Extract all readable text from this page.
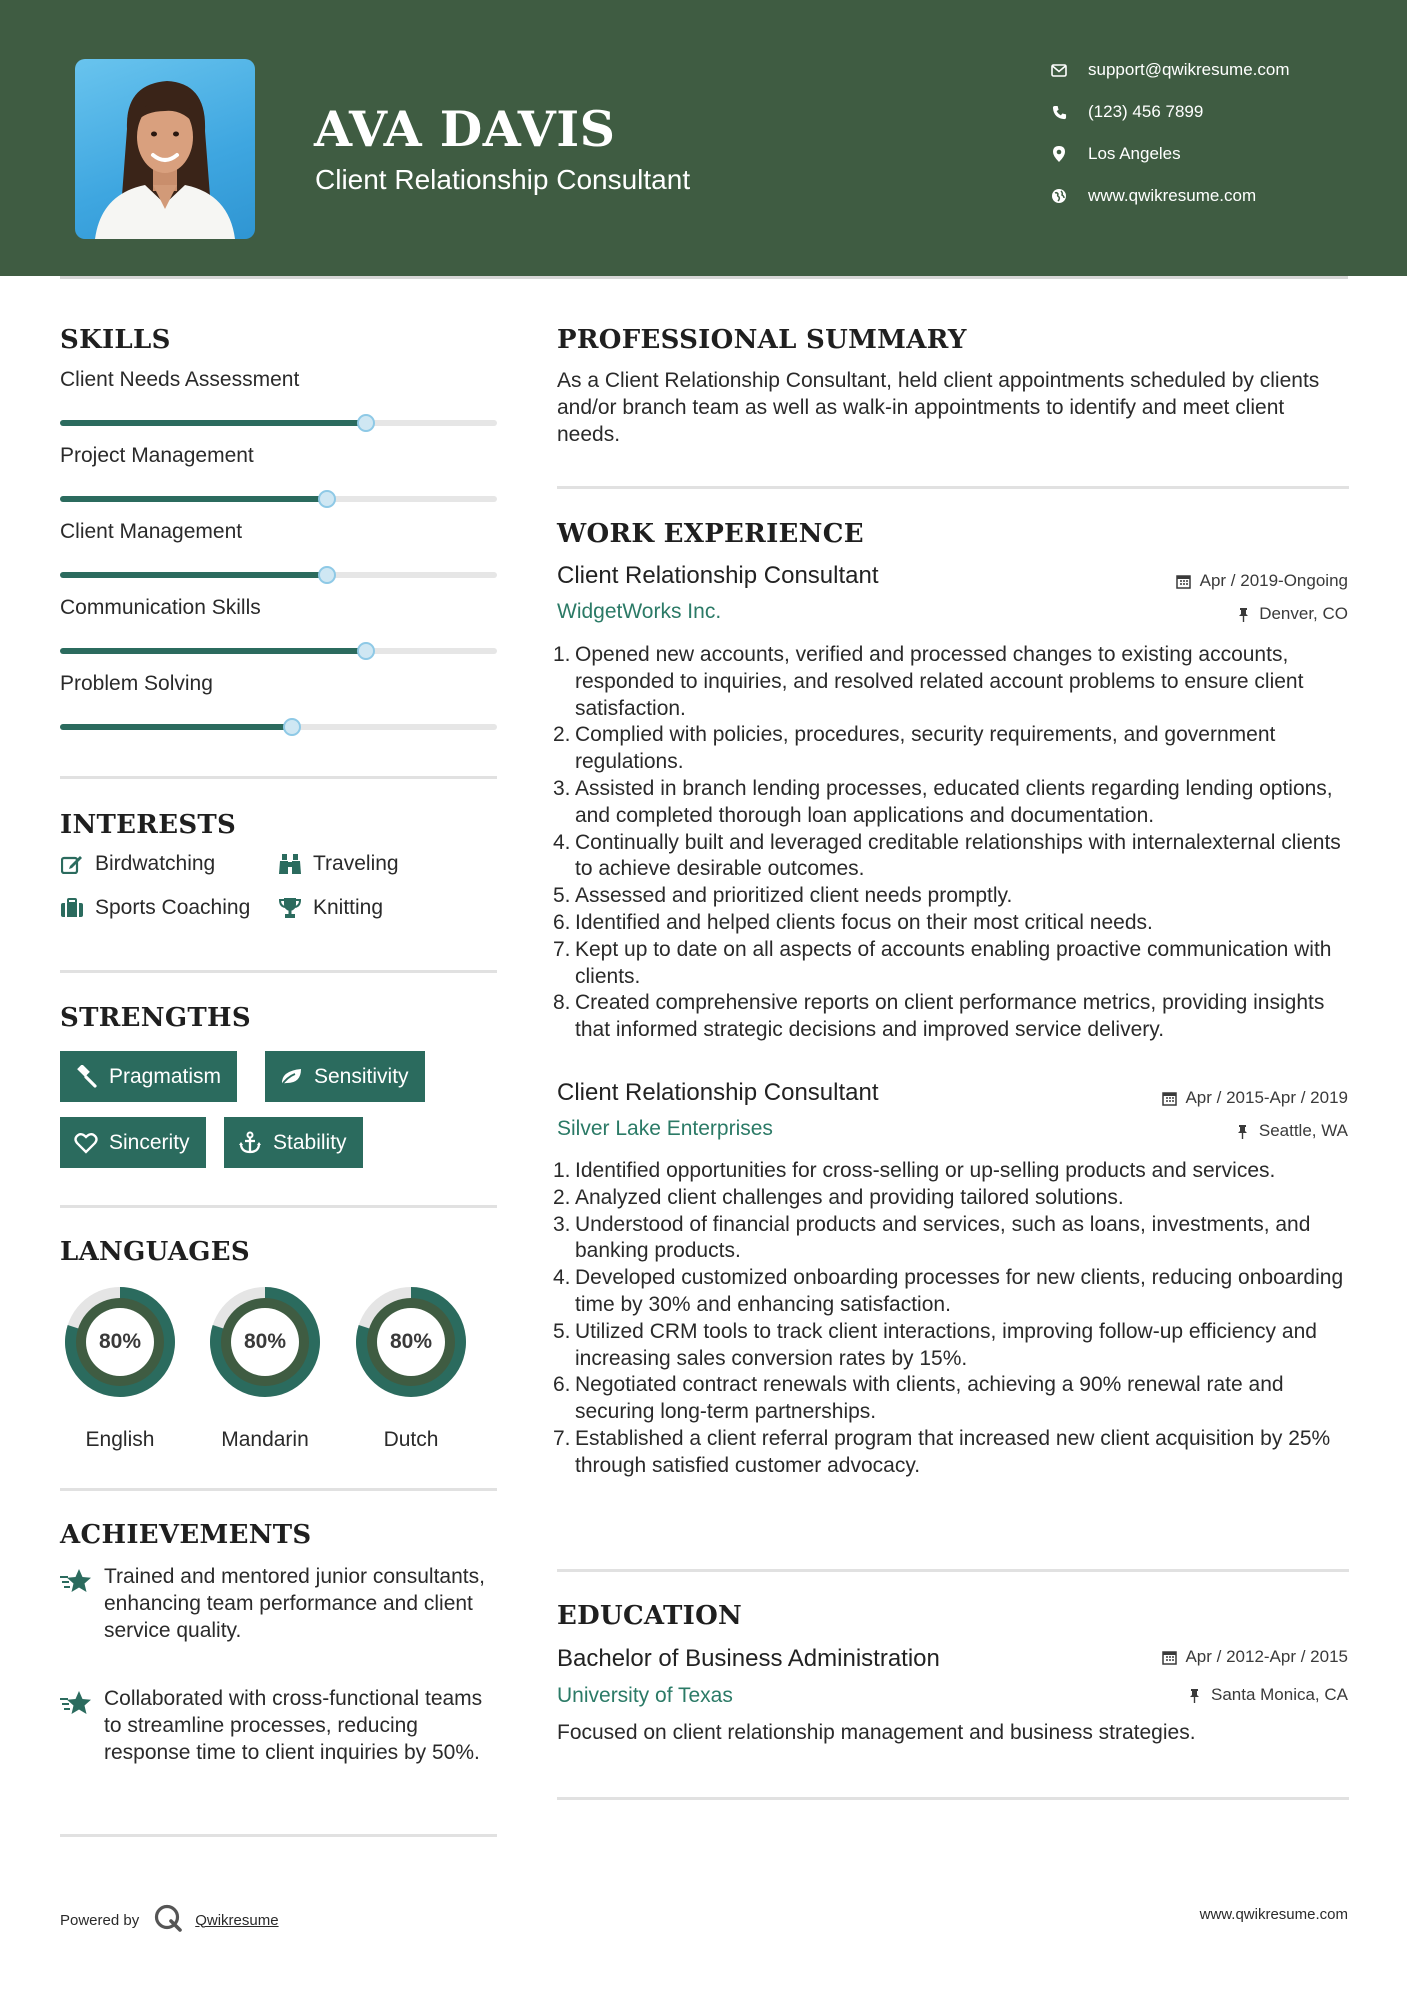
AVA DAVIS
Client Relationship Consultant
support@qwikresume.com
(123) 456 7899
Los Angeles
www.qwikresume.com
SKILLS
Client Needs Assessment
Project Management
Client Management
Communication Skills
Problem Solving
INTERESTS
Birdwatching	Traveling
Sports Coaching	Knitting
STRENGTHS
Pragmatism	Sensitivity
Sincerity	Stability
LANGUAGES
80%
English
80%
Mandarin
80%
Dutch
ACHIEVEMENTS
Trained and mentored junior consultants, enhancing team performance and client service quality.
Collaborated with cross-functional teams to streamline processes, reducing response time to client inquiries by 50%.
PROFESSIONAL SUMMARY
As a Client Relationship Consultant, held client appointments scheduled by clients and/or branch team as well as walk-in appointments to identify and meet client needs.
WORK EXPERIENCE
Client Relationship Consultant	Apr / 2019-Ongoing
WidgetWorks Inc.	Denver, CO
1. Opened new accounts, verified and processed changes to existing accounts, responded to inquiries, and resolved related account problems to ensure client satisfaction.
2. Complied with policies, procedures, security requirements, and government regulations.
3. Assisted in branch lending processes, educated clients regarding lending options, and completed thorough loan applications and documentation.
4. Continually built and leveraged creditable relationships with internalexternal clients to achieve desirable outcomes.
5. Assessed and prioritized client needs promptly.
6. Identified and helped clients focus on their most critical needs.
7. Kept up to date on all aspects of accounts enabling proactive communication with clients.
8. Created comprehensive reports on client performance metrics, providing insights that informed strategic decisions and improved service delivery.
Client Relationship Consultant	Apr / 2015-Apr / 2019
Silver Lake Enterprises	Seattle, WA
1. Identified opportunities for cross-selling or up-selling products and services.
2. Analyzed client challenges and providing tailored solutions.
3. Understood of financial products and services, such as loans, investments, and banking products.
4. Developed customized onboarding processes for new clients, reducing onboarding time by 30% and enhancing satisfaction.
5. Utilized CRM tools to track client interactions, improving follow-up efficiency and increasing sales conversion rates by 15%.
6. Negotiated contract renewals with clients, achieving a 90% renewal rate and securing long-term partnerships.
7. Established a client referral program that increased new client acquisition by 25% through satisfied customer advocacy.
EDUCATION
Bachelor of Business Administration	Apr / 2012-Apr / 2015
University of Texas	Santa Monica, CA
Focused on client relationship management and business strategies.
Powered by	Qwikresume	www.qwikresume.com
